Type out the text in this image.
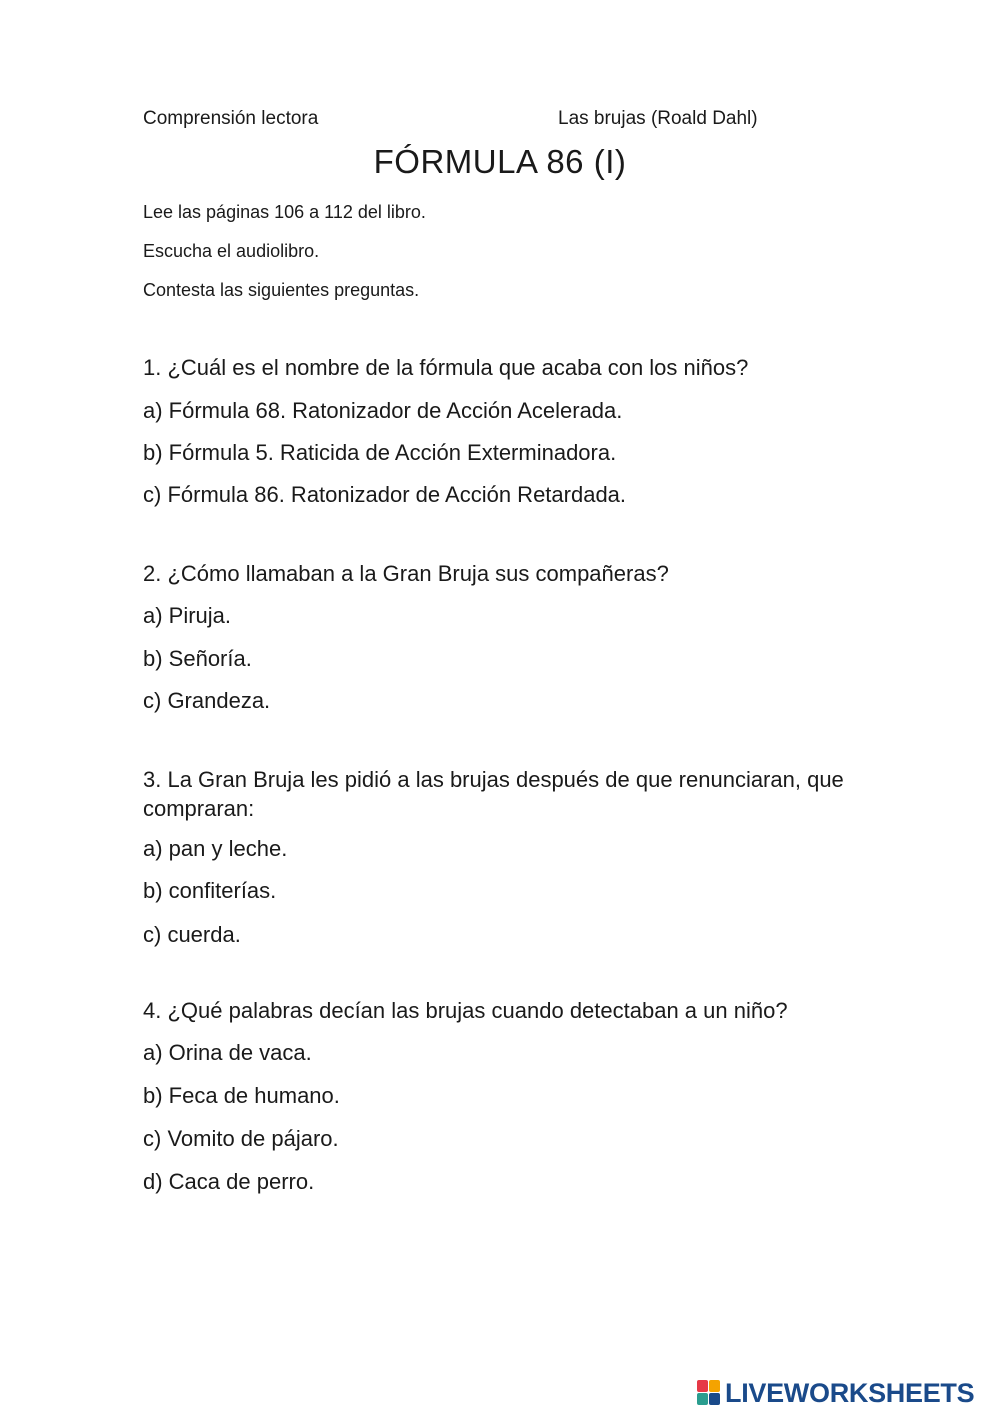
Comprensión lectora	Las brujas (Roald Dahl)
FÓRMULA 86 (I)
Lee las páginas 106 a 112 del libro.
Escucha el audiolibro.
Contesta las siguientes preguntas.
1. ¿Cuál es el nombre de la fórmula que acaba con los niños?
a) Fórmula 68. Ratonizador de Acción Acelerada.
b) Fórmula 5. Raticida de Acción Exterminadora.
c) Fórmula 86. Ratonizador de Acción Retardada.
2. ¿Cómo llamaban a la Gran Bruja sus compañeras?
a) Piruja.
b) Señoría.
c) Grandeza.
3. La Gran Bruja les pidió a las brujas después de que renunciaran, que compraran:
a) pan y leche.
b) confiterías.
c) cuerda.
4. ¿Qué palabras decían las brujas cuando detectaban a un niño?
a) Orina de vaca.
b) Feca de humano.
c) Vomito de pájaro.
d) Caca de perro.
LIVEWORKSHEETS
